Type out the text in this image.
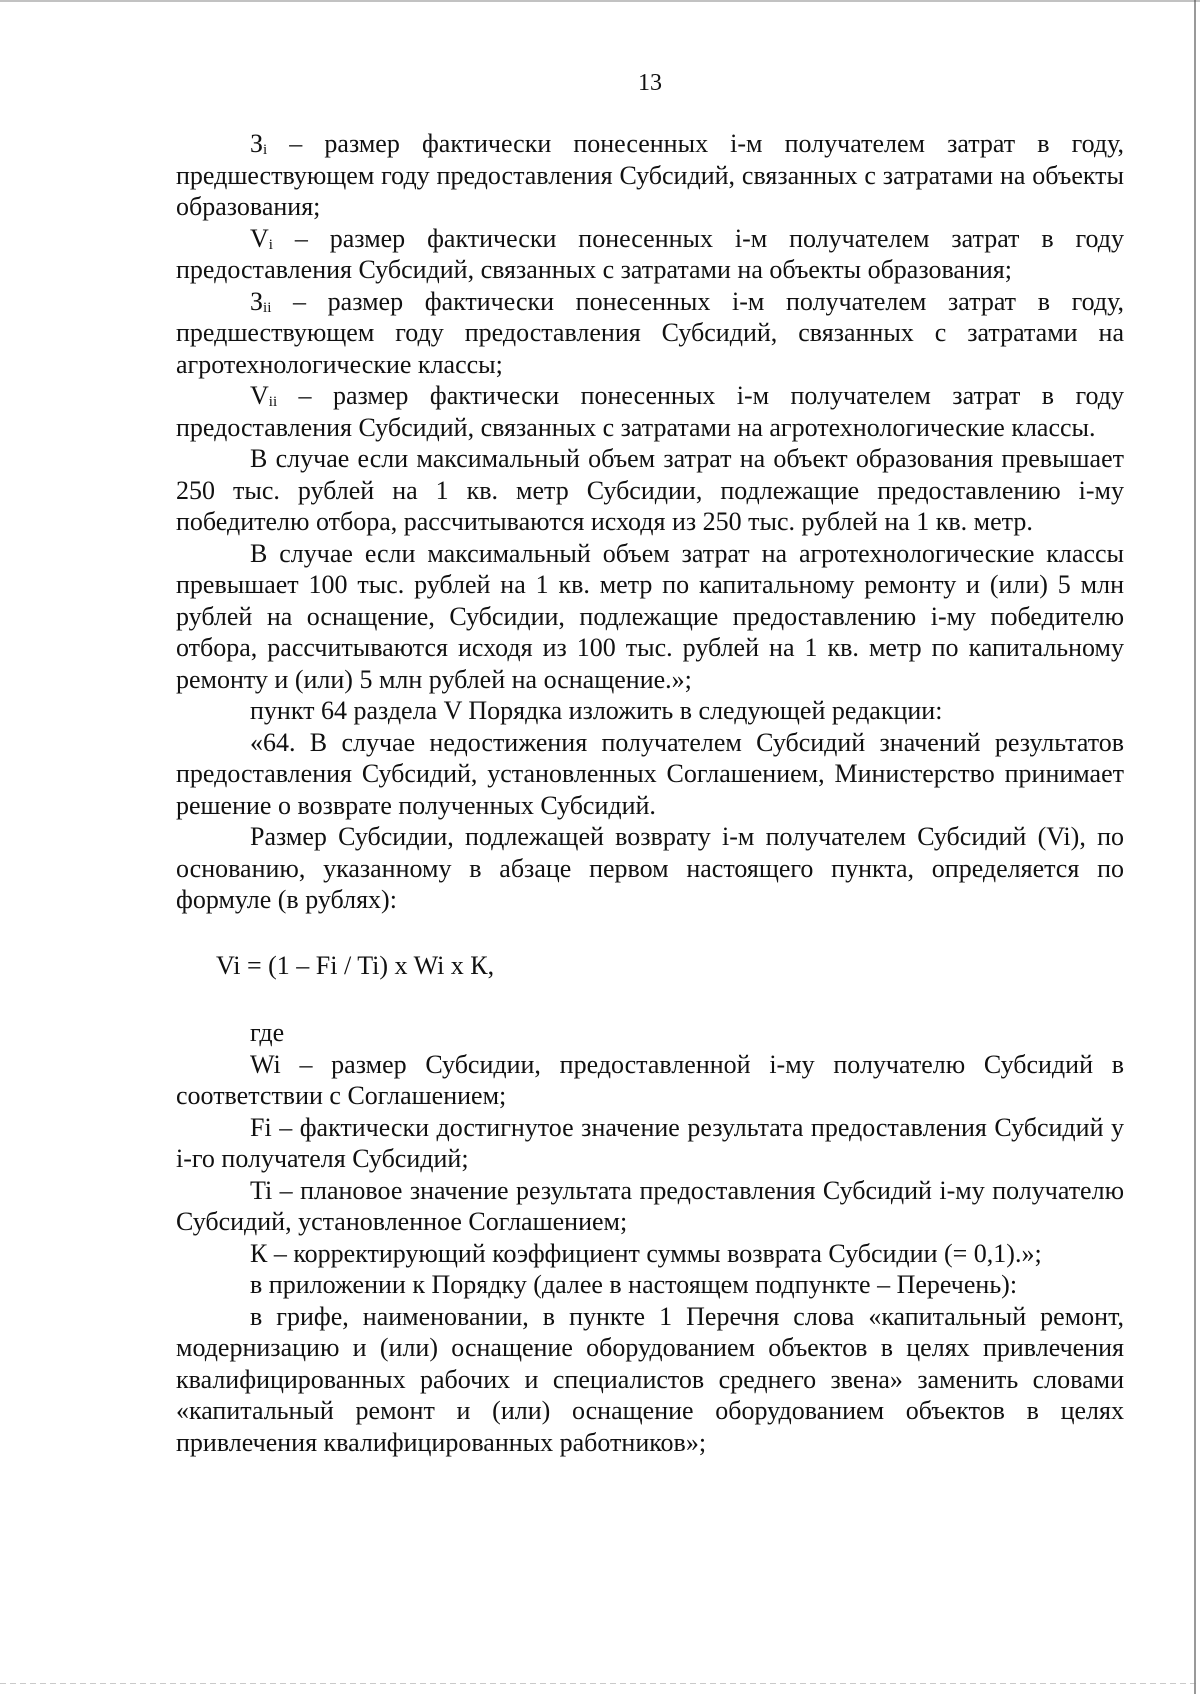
13

$З_i$ – размер фактически понесенных i-м получателем затрат в году, предшествующем году предоставления Субсидий, связанных с затратами на объекты образования;

$V_i$ – размер фактически понесенных i-м получателем затрат в году предоставления Субсидий, связанных с затратами на объекты образования;

$З_{ii}$ – размер фактически понесенных i-м получателем затрат в году, предшествующем году предоставления Субсидий, связанных с затратами на агротехнологические классы;

$V_{ii}$ – размер фактически понесенных i-м получателем затрат в году предоставления Субсидий, связанных с затратами на агротехнологические классы.

В случае если максимальный объем затрат на объект образования превышает 250 тыс. рублей на 1 кв. метр Субсидии, подлежащие предоставлению i-му победителю отбора, рассчитываются исходя из 250 тыс. рублей на 1 кв. метр.

В случае если максимальный объем затрат на агротехнологические классы превышает 100 тыс. рублей на 1 кв. метр по капитальному ремонту и (или) 5 млн рублей на оснащение, Субсидии, подлежащие предоставлению i-му победителю отбора, рассчитываются исходя из 100 тыс. рублей на 1 кв. метр по капитальному ремонту и (или) 5 млн рублей на оснащение.»;

пункт 64 раздела V Порядка изложить в следующей редакции:

«64. В случае недостижения получателем Субсидий значений результатов предоставления Субсидий, установленных Соглашением, Министерство принимает решение о возврате полученных Субсидий.

Размер Субсидии, подлежащей возврату i-м получателем Субсидий (Vi), по основанию, указанному в абзаце первом настоящего пункта, определяется по формуле (в рублях):

Vi = (1 – Fi / Ti) x Wi x К,

где

Wi – размер Субсидии, предоставленной i-му получателю Субсидий в соответствии с Соглашением;

Fi – фактически достигнутое значение результата предоставления Субсидий у i-го получателя Субсидий;

Ti – плановое значение результата предоставления Субсидий i-му получателю Субсидий, установленное Соглашением;

К – корректирующий коэффициент суммы возврата Субсидии (= 0,1).»;

в приложении к Порядку (далее в настоящем подпункте – Перечень):

в грифе, наименовании, в пункте 1 Перечня слова «капитальный ремонт, модернизацию и (или) оснащение оборудованием объектов в целях привлечения квалифицированных рабочих и специалистов среднего звена» заменить словами «капитальный ремонт и (или) оснащение оборудованием объектов в целях привлечения квалифицированных работников»;
